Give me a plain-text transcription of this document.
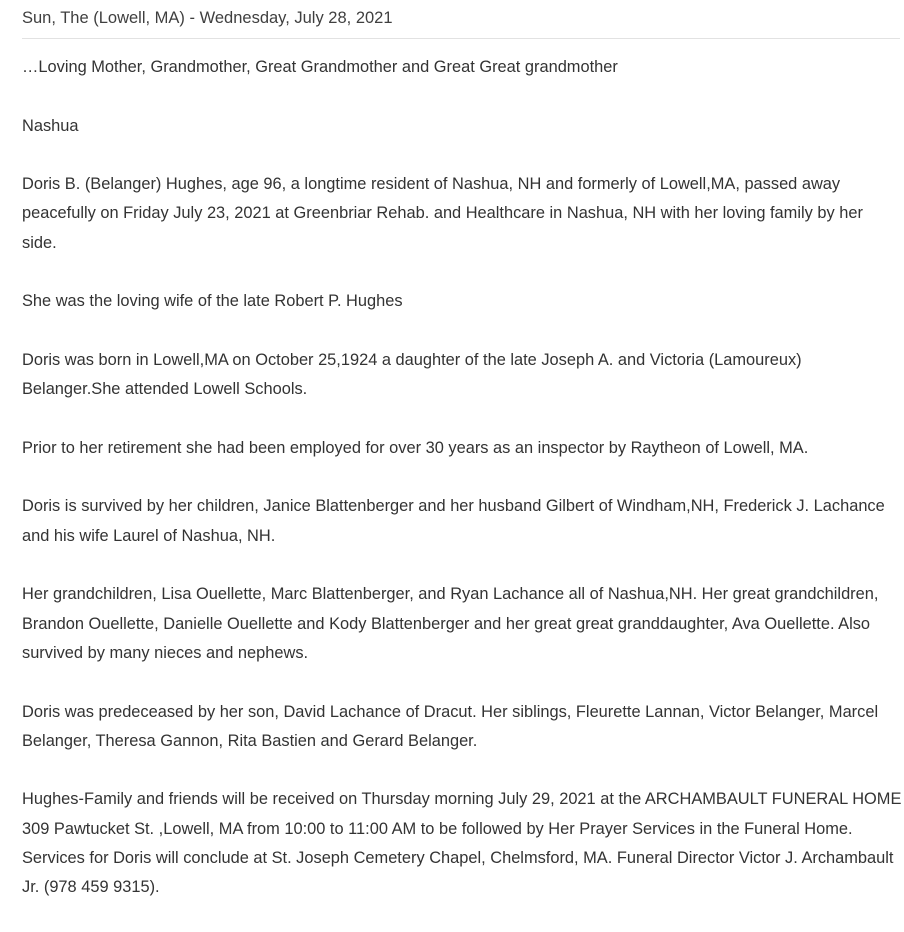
Sun, The (Lowell, MA) - Wednesday, July 28, 2021

…Loving Mother, Grandmother, Great Grandmother and Great Great grandmother

Nashua

Doris B. (Belanger) Hughes, age 96, a longtime resident of Nashua, NH and formerly of Lowell,MA, passed away peacefully on Friday July 23, 2021 at Greenbriar Rehab. and Healthcare in Nashua, NH with her loving family by her side.

She was the loving wife of the late Robert P. Hughes

Doris was born in Lowell,MA on October 25,1924 a daughter of the late Joseph A. and Victoria (Lamoureux) Belanger.She attended Lowell Schools.

Prior to her retirement she had been employed for over 30 years as an inspector by Raytheon of Lowell, MA.

Doris is survived by her children, Janice Blattenberger and her husband Gilbert of Windham,NH, Frederick J. Lachance and his wife Laurel of Nashua, NH.

Her grandchildren, Lisa Ouellette, Marc Blattenberger, and Ryan Lachance all of Nashua,NH. Her great grandchildren, Brandon Ouellette, Danielle Ouellette and Kody Blattenberger and her great great granddaughter, Ava Ouellette. Also survived by many nieces and nephews.

Doris was predeceased by her son, David Lachance of Dracut. Her siblings, Fleurette Lannan, Victor Belanger, Marcel Belanger, Theresa Gannon, Rita Bastien and Gerard Belanger.

Hughes-Family and friends will be received on Thursday morning July 29, 2021 at the ARCHAMBAULT FUNERAL HOME 309 Pawtucket St. ,Lowell, MA from 10:00 to 11:00 AM to be followed by Her Prayer Services in the Funeral Home. Services for Doris will conclude at St. Joseph Cemetery Chapel, Chelmsford, MA. Funeral Director Victor J. Archambault Jr. (978 459 9315).
